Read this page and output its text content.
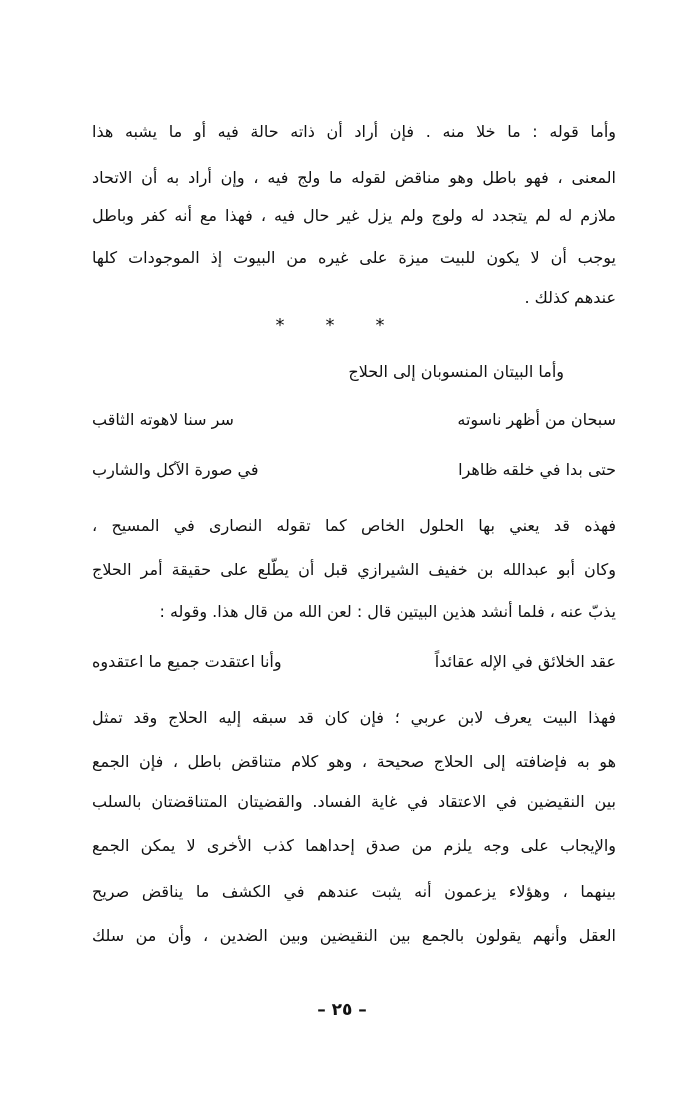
وأما قوله : ما خلا منه . فإن أراد أن ذاته حالة فيه أو ما يشبه هذا
المعنى ، فهو باطل وهو مناقض لقوله ما ولج فيه ، وإن أراد به أن الاتحاد
ملازم له لم يتجدد له ولوج ولم يزل غير حال فيه ، فهذا مع أنه كفر وباطل
يوجب أن لا يكون للبيت ميزة على غيره من البيوت إذ الموجودات كلها
عندهم كذلك .
*	*	*
وأما البيتان المنسوبان إلى الحلاج
سبحان من أظهر ناسوته
سر سنا لاهوته الثاقب
حتى بدا في خلقه ظاهرا
في صورة الآكل والشارب
فهذه قد يعني بها الحلول الخاص كما تقوله النصارى في المسيح ،
وكان أبو عبدالله بن خفيف الشيرازي قبل أن يطّلع على حقيقة أمر الحلاج
يذبّ عنه ، فلما أنشد هذين البيتين قال : لعن الله من قال هذا. وقوله :
عقد الخلائق في الإله عقائداً
وأنا اعتقدت جميع ما اعتقدوه
فهذا البيت يعرف لابن عربي ؛ فإن كان قد سبقه إليه الحلاج وقد تمثل
هو به فإضافته إلى الحلاج صحيحة ، وهو كلام متناقض باطل ، فإن الجمع
بين النقيضين في الاعتقاد في غاية الفساد. والقضيتان المتناقضتان بالسلب
والإيجاب على وجه يلزم من صدق إحداهما كذب الأخرى لا يمكن الجمع
بينهما ، وهؤلاء يزعمون أنه يثبت عندهم في الكشف ما يناقض صريح
العقل وأنهم يقولون بالجمع بين النقيضين وبين الضدين ، وأن من سلك
– ٢٥ –
